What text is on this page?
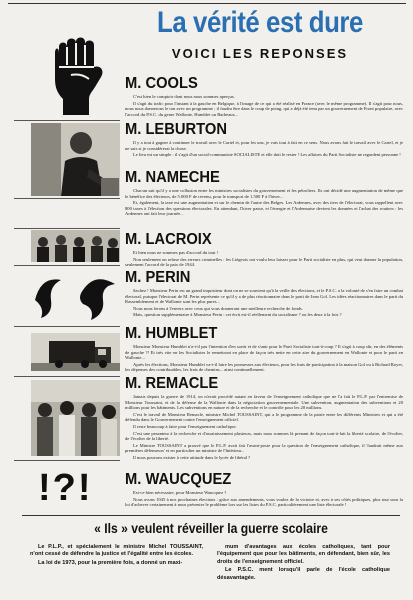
La vérité est dure
VOICI LES REPONSES
!?!
M. COOLS

C'est bien le comptoir dont nous nous sommes aperçus.

Il s'agit du trafic pour l'instant à la gauche en Belgique, à l'image de ce qui a été réalisé en France (avec le même programme). Il s'agit pour nous, nous nous donnerons le ton avec un programme ; il faudra être dans le coup de poing, qui a déjà été tenu par un gouvernement de Front populaire, avec l'accord du P.S.C. du genre Wallonie, Humblet ou Barbeaux...

M. LEBURTON

Il y a tout à gagner à continuer le travail avec le Cartel et, pour les uns, je vais tout à fait en ce sens. Nous avons fait le travail avec le Cartel, et je ne sais si je considérerai la chose.

Le lieu est un simple : il s'agit d'un social-communiste SOCIALISTE et elle doit le rester ! Les affaires du Parti Socialiste ne regardent personne !

M. NAMECHE

Chacun sait qu'il y a une collusion entre les ministres socialistes du gouvernement et les pétroliers. Ils ont décidé une augmentation de même que le bénéfice des électeurs, de 5.000 F de revenu, pour le transport de 1.500 F à l'hiver...

Et, également, la taxe est une augmentation et sur le chemin de l'autre des Belges. Les Ardennes, avec des tiers de l'électorat, vous rappellent avec 800 taxes à l'élection des questions électorales. En attendant, l'hiver passe, et l'énergie et l'Ardennaise devient les données et l'achat des routiers : les Ardennes ont fait leur journée...

M. LACROIX

Et bien nous ne sommes pas d'accord du tout !

Non seulement on refuse des erreurs criminelles : les Liégeois ont voulu leur laisser pour le Parti socialiste en plus, qui veut donner la population, seulement l'accord de la paix de 1944.

M. PERIN

Sachez ! Monsieur Perin est un grand inquisiteur dont on ne se souvient qu'à la veille des élections, et le P.S.C. a la volonté de s'en faire un combat électoral, puisque l'électorat de M. Perin représente ce qu'il y a de plus réactionnaire dans le parti de Jean Gol. Les idées réactionnaires dans le parti du Rassemblement et de Wallonie sont les plus pures...

Nous nous ferons à l'envers avec ceux qui vous donneront une meilleure recherche de fonds.

Mais, question supplémentaire à Monsieur Perin : cet écrit est-il réellement du socialisme ? ou les deux à la fois ?

M. HUMBLET

Monsieur Monsieur Humblet n'a-t-il pas l'intention d'en sortir et de s'unir pour le Parti Socialiste tout-à-coup ? Il s'agit à coup sûr, en des éléments de gauche ?! Et très vite en les Socialistes le remettront en place de façon très nette en cette aire du gouvernement en Wallonie et pour le parti en Wallonie...

Après les élections, Monsieur Humblet va-t-il faire les promesses aux électeurs, pour les frais de participation à la maison Gol ou à Richard Royer, les dépenses des contribuables, les frais de chemins... ainsi continuellement.

M. REMACLE

Jamais depuis la guerre de 1914, on n'avait procédé autant en faveur de l'enseignement catholique que ne l'a fait le P.L.P. par l'entremise de Monsieur Toussaint, et de la défense de la Wallonie dans la négociation gouvernementale. Une subvention, augmentation des subventions et 20 millions pour les bâtiments. Les subventions en nature et de la recherche et le contrôle pour les 20 millions.

C'est le travail de Monsieur Remacle, ministre Michel TOUSSAINT, qui a le programme de la patrie entre les différents Ministres et qui a été défendu dans le Gouvernement contre l'enseignement officiel.

Il reste beaucoup à faire pour l'enseignement catholique.

C'est une pesanteur à la recherche et d'assainissement plusieurs, mais nous sommes là prenant de façon tout-à-fait la liberté scolaire, de l'écolier, de l'écolier de la liberté.

Le Ministre TOUSSAINT a prouvé que le P.L.P. avait fait l'avant-poste pour la question de l'enseignement catholique, il 'faudrait même aux premières défenseurs' et en particulier un ministre de l'Intérieur...

Il nous pouvons exister à cette attitude dans le lycée de libéral ?

M. WAUCQUEZ

Est-ce bien nécessaire, pour Monsieur Waucquez ?

Nous avons 1945 à nos prochaines élections : grâce aux amendements, vous voulez de la victoire et, avec à ses côtés politiques, plus tout sous la loi d'achever certainement à nous présenter le problème lors sur les listes du P.S.C. particulièrement une liste électorale !

« Ils » veulent réveiller la guerre scolaire

Le P.L.P., et spécialement le ministre Michel TOUSSAINT, n'ont cessé de défendre la justice et l'égalité entre les écoles.

La loi de 1973, pour la première fois, a donné un maxi-

mum d'avantages aux écoles catholiques, tant pour l'équipement que pour les bâtiments, en défendant, bien sûr, les droits de l'enseignement officiel.

Le P.S.C. ment lorsqu'il parle de l'école catholique désavantagée.
